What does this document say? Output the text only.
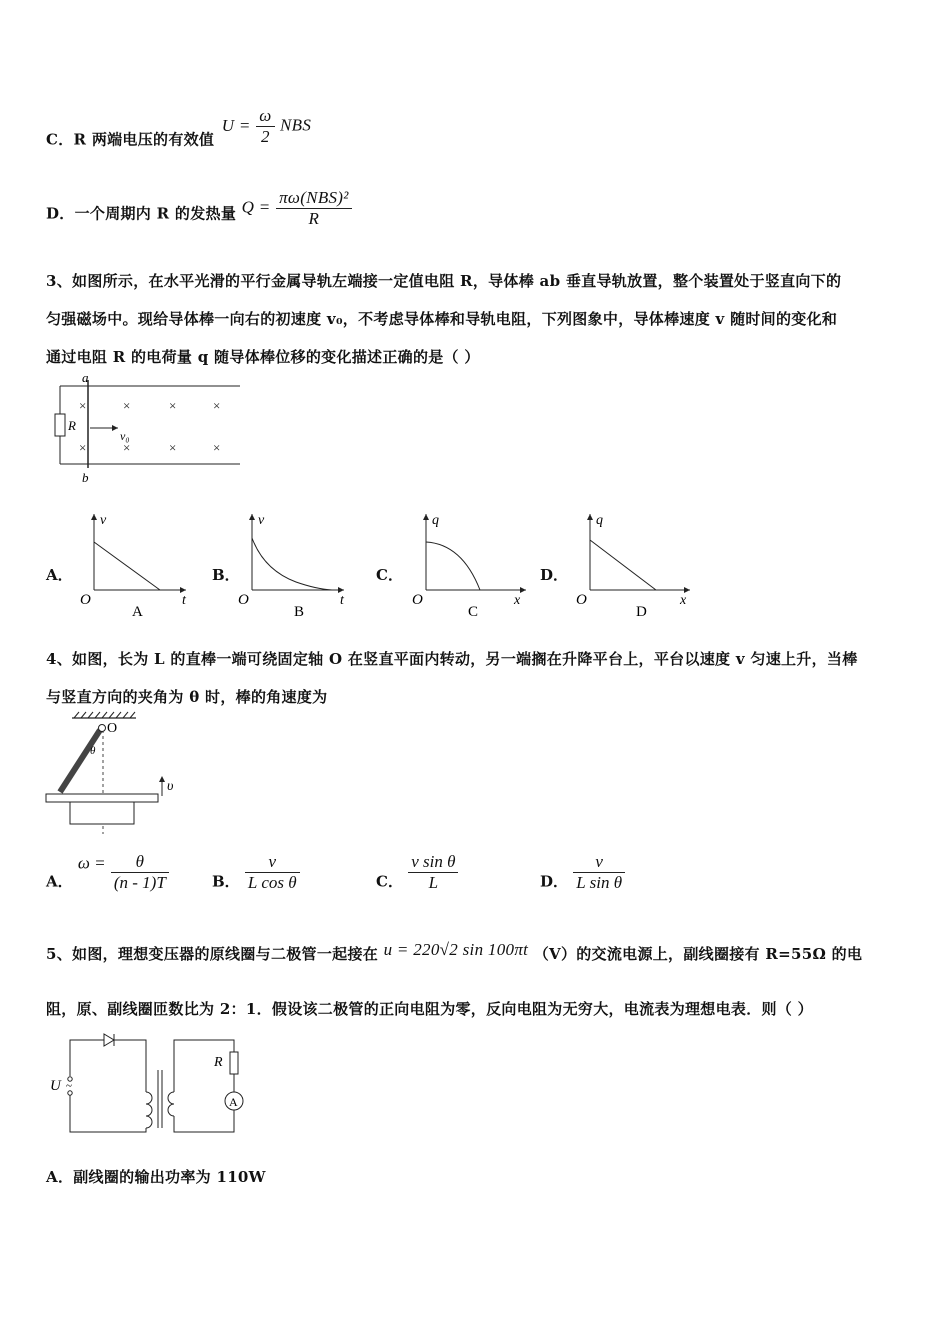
C．R 两端电压的有效值 $U = \frac{\omega}{2}$ NBS
D．一个周期内 R 的发热量 $Q = \frac{\text{πω(NBS)²}}{R}$
3、如图所示，在水平光滑的平行金属导轨左端接一定值电阻 R，导体棒 ab 垂直导轨放置，整个装置处于竖直向下的
匀强磁场中。现给导体棒一向右的初速度 v₀，不考虑导体棒和导轨电阻，下列图象中，导体棒速度 v 随时间的变化和
通过电阻 R 的电荷量 q 随导体棒位移的变化描述正确的是（ ）
a
b
R
v₀
×	×	×	×
×	×	×	×
A．
v
t
O
A
B．
v
t
O
B
C．
q
x
O
C
D．
q
x
O
D
4、如图，长为 L 的直棒一端可绕固定轴 O 在竖直平面内转动，另一端搁在升降平台上，平台以速度 v 匀速上升，当棒
与竖直方向的夹角为 θ 时，棒的角速度为
O
θ
υ
A． $\omega = \frac{\theta}{(n - 1)T}$	B． $\frac{v}{\text{L cos θ}}$	C． $\frac{\text{v sin θ}}{L}$	D． $\frac{v}{\text{L sin θ}}$
5、如图，理想变压器的原线圈与二极管一起接在 u = 220√2 sin 100πt （V）的交流电源上，副线圈接有 R=55Ω 的电
阻，原、副线圈匝数比为 2：1．假设该二极管的正向电阻为零，反向电阻为无穷大，电流表为理想电表．则（ ）
~
U
R
A
A．副线圈的输出功率为 110W
